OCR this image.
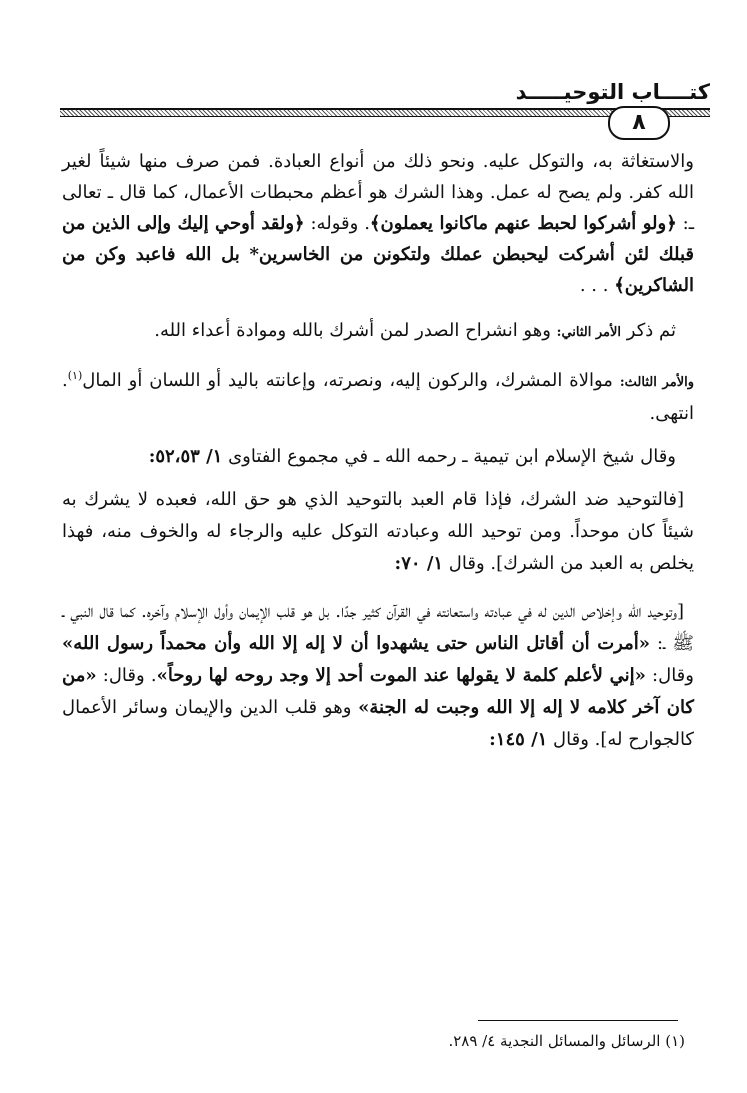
كتــــاب التوحيـــــد
٨

والاستغاثة به، والتوكل عليه. ونحو ذلك من أنواع العبادة. فمن صرف منها شيئاً لغير الله كفر. ولم يصح له عمل. وهذا الشرك هو أعظم محبطات الأعمال، كما قال ـ تعالى ـ: ﴿ولو أشركوا لحبط عنهم ماكانوا يعملون﴾. وقوله: ﴿ولقد أوحي إليك وإلى الذين من قبلك لئن أشركت ليحبطن عملك ولتكونن من الخاسرين* بل الله فاعبد وكن من الشاكرين﴾ . . .

ثم ذكر الأمر الثاني: وهو انشراح الصدر لمن أشرك بالله وموادة أعداء الله.

والأمر الثالث: موالاة المشرك، والركون إليه، ونصرته، وإعانته باليد أو اللسان أو المال$^{(١)}$. انتهى.

وقال شيخ الإسلام ابن تيمية ـ رحمه الله ـ في مجموع الفتاوى ١/ ٥٢،٥٣:

[فالتوحيد ضد الشرك، فإذا قام العبد بالتوحيد الذي هو حق الله، فعبده لا يشرك به شيئاً كان موحداً. ومن توحيد الله وعبادته التوكل عليه والرجاء له والخوف منه، فهذا يخلص به العبد من الشرك]. وقال ١/ ٧٠:

[وتوحيد الله وإخلاص الدين له في عبادته واستعانته في القرآن كثير جدًا. بل هو قلب الإيمان وأول الإسلام وآخره. كما قال النبي ـ ﷺ ـ: «أمرت أن أقاتل الناس حتى يشهدوا أن لا إله إلا الله وأن محمداً رسول الله» وقال: «إني لأعلم كلمة لا يقولها عند الموت أحد إلا وجد روحه لها روحاً». وقال: «من كان آخر كلامه لا إله إلا الله وجبت له الجنة» وهو قلب الدين والإيمان وسائر الأعمال كالجوارح له]. وقال ١/ ١٤٥:

(١) الرسائل والمسائل النجدية ٤/ ٢٨٩.
